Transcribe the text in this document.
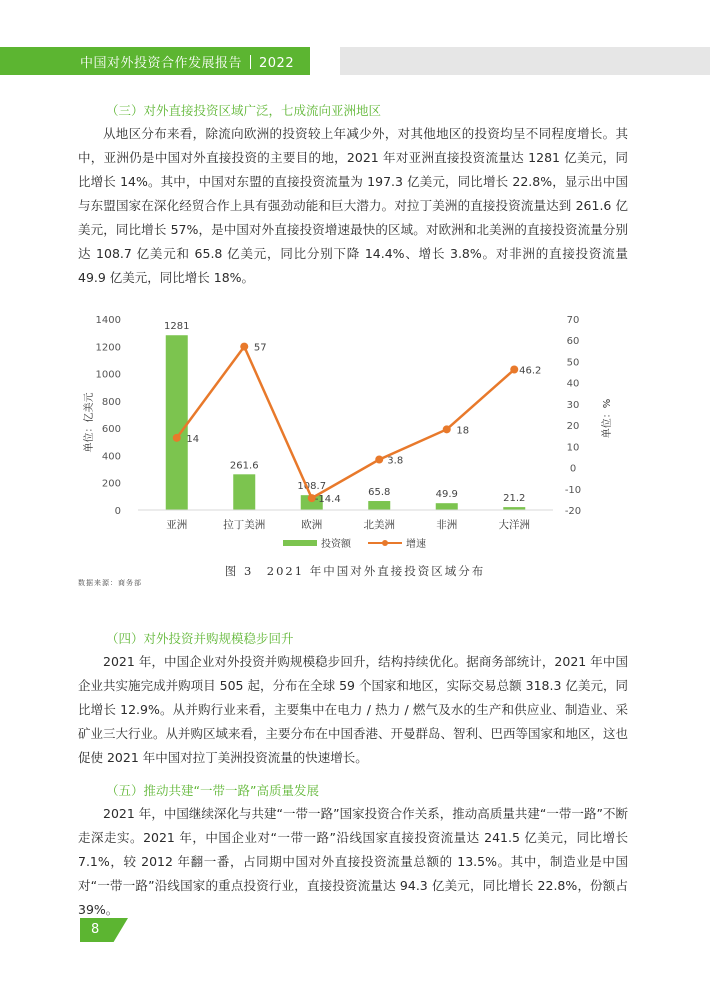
中国对外投资合作发展报告 2022
（三）对外直接投资区域广泛，七成流向亚洲地区

从地区分布来看，除流向欧洲的投资较上年减少外，对其他地区的投资均呈不同程度增长。其中，亚洲仍是中国对外直接投资的主要目的地，2021 年对亚洲直接投资流量达 1281 亿美元，同比增长 14%。其中，中国对东盟的直接投资流量为 197.3 亿美元，同比增长 22.8%，显示出中国与东盟国家在深化经贸合作上具有强劲动能和巨大潜力。对拉丁美洲的直接投资流量达到 261.6 亿美元，同比增长 57%，是中国对外直接投资增速最快的区域。对欧洲和北美洲的直接投资流量分别达 108.7 亿美元和 65.8 亿美元，同比分别下降 14.4%、增长 3.8%。对非洲的直接投资流量 49.9 亿美元，同比增长 18%。

0
200
400
600
800
1000
1200
1400
-20
-10
0
10
20
30
40
50
60
70
单位：亿美元	单位：%
1281
261.6
108.7
65.8	49.9	21.2
亚洲	拉丁美洲	欧洲	北美洲	非洲	大洋洲
14
57
-14.4
3.8
18
46.2
投资额	增速
图 3　2021 年中国对外直接投资区域分布
数据来源：商务部
（四）对外投资并购规模稳步回升

2021 年，中国企业对外投资并购规模稳步回升，结构持续优化。据商务部统计，2021 年中国企业共实施完成并购项目 505 起，分布在全球 59 个国家和地区，实际交易总额 318.3 亿美元，同比增长 12.9%。从并购行业来看，主要集中在电力 / 热力 / 燃气及水的生产和供应业、制造业、采矿业三大行业。从并购区域来看，主要分布在中国香港、开曼群岛、智利、巴西等国家和地区，这也促使 2021 年中国对拉丁美洲投资流量的快速增长。

（五）推动共建“一带一路”高质量发展

2021 年，中国继续深化与共建“一带一路”国家投资合作关系，推动高质量共建“一带一路”不断走深走实。2021 年，中国企业对“一带一路”沿线国家直接投资流量达 241.5 亿美元，同比增长 7.1%，较 2012 年翻一番，占同期中国对外直接投资流量总额的 13.5%。其中，制造业是中国对“一带一路”沿线国家的重点投资行业，直接投资流量达 94.3 亿美元，同比增长 22.8%，份额占 39%。

8
